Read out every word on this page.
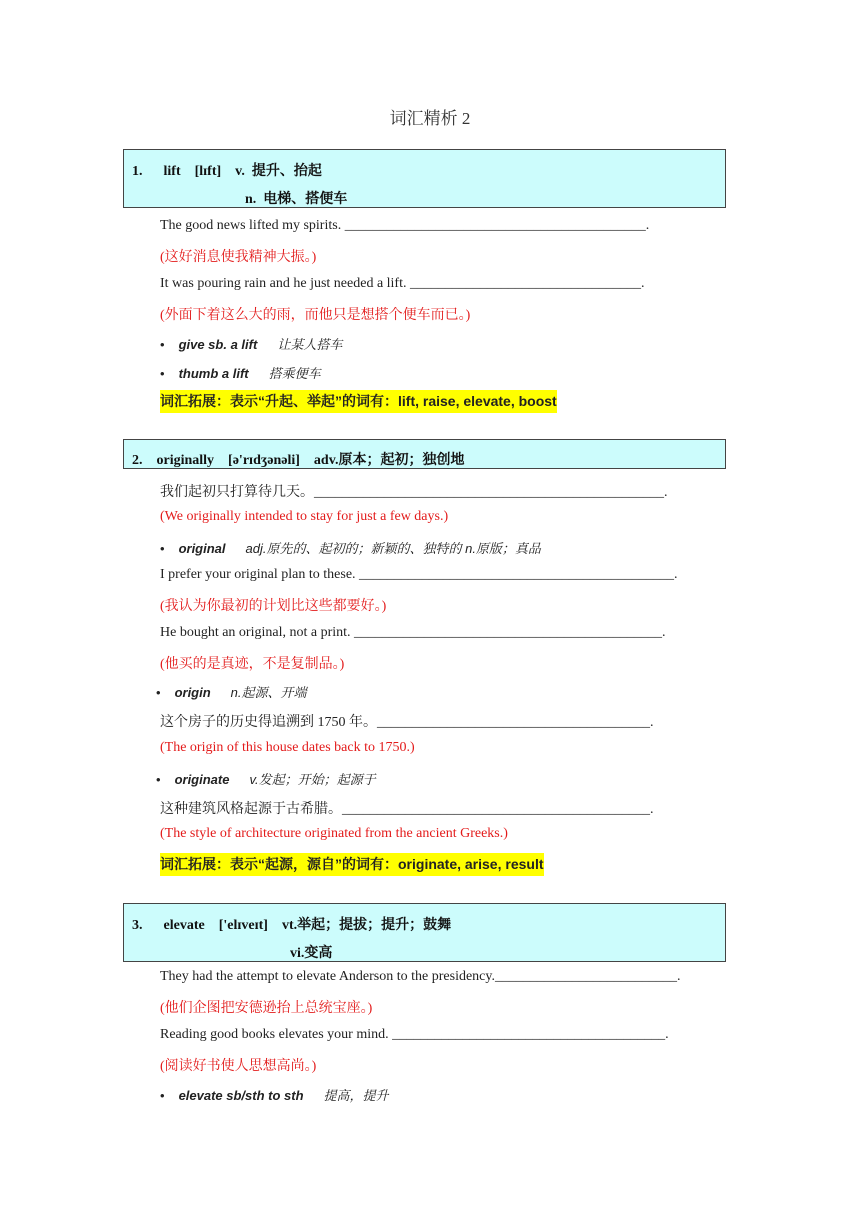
词汇精析 2
1.      lift    [lɪft]    v.  提升、抬起
n.  电梯、搭便车
The good news lifted my spirits. ___________________________________________.
(这好消息使我精神大振。)
It was pouring rain and he just needed a lift. _________________________________.
(外面下着这么大的雨，而他只是想搭个便车而已。)
• give sb. a lift 让某人搭车
• thumb a lift 搭乘便车
词汇拓展：表示“升起、举起”的词有：lift, raise, elevate, boost
2.    originally    [ə'rɪdʒənəli]    adv.原本；起初；独创地
我们起初只打算待几天。__________________________________________________.
(We originally intended to stay for just a few days.)
• original adj.原先的、起初的；新颖的、独特的 n.原版；真品
I prefer your original plan to these. _____________________________________________.
(我认为你最初的计划比这些都要好。)
He bought an original, not a print. ____________________________________________.
(他买的是真迹，不是复制品。)
• origin n.起源、开端
这个房子的历史得追溯到 1750 年。_______________________________________.
(The origin of this house dates back to 1750.)
• originate v.发起；开始；起源于
这种建筑风格起源于古希腊。____________________________________________.
(The style of architecture originated from the ancient Greeks.)
词汇拓展：表示“起源，源自”的词有：originate, arise, result
3.      elevate    ['elɪveɪt]    vt.举起；提拔；提升；鼓舞
vi.变高
They had the attempt to elevate Anderson to the presidency.__________________________.
(他们企图把安德逊抬上总统宝座。)
Reading good books elevates your mind. _______________________________________.
(阅读好书使人思想高尚。)
• elevate sb/sth to sth 提高，提升
